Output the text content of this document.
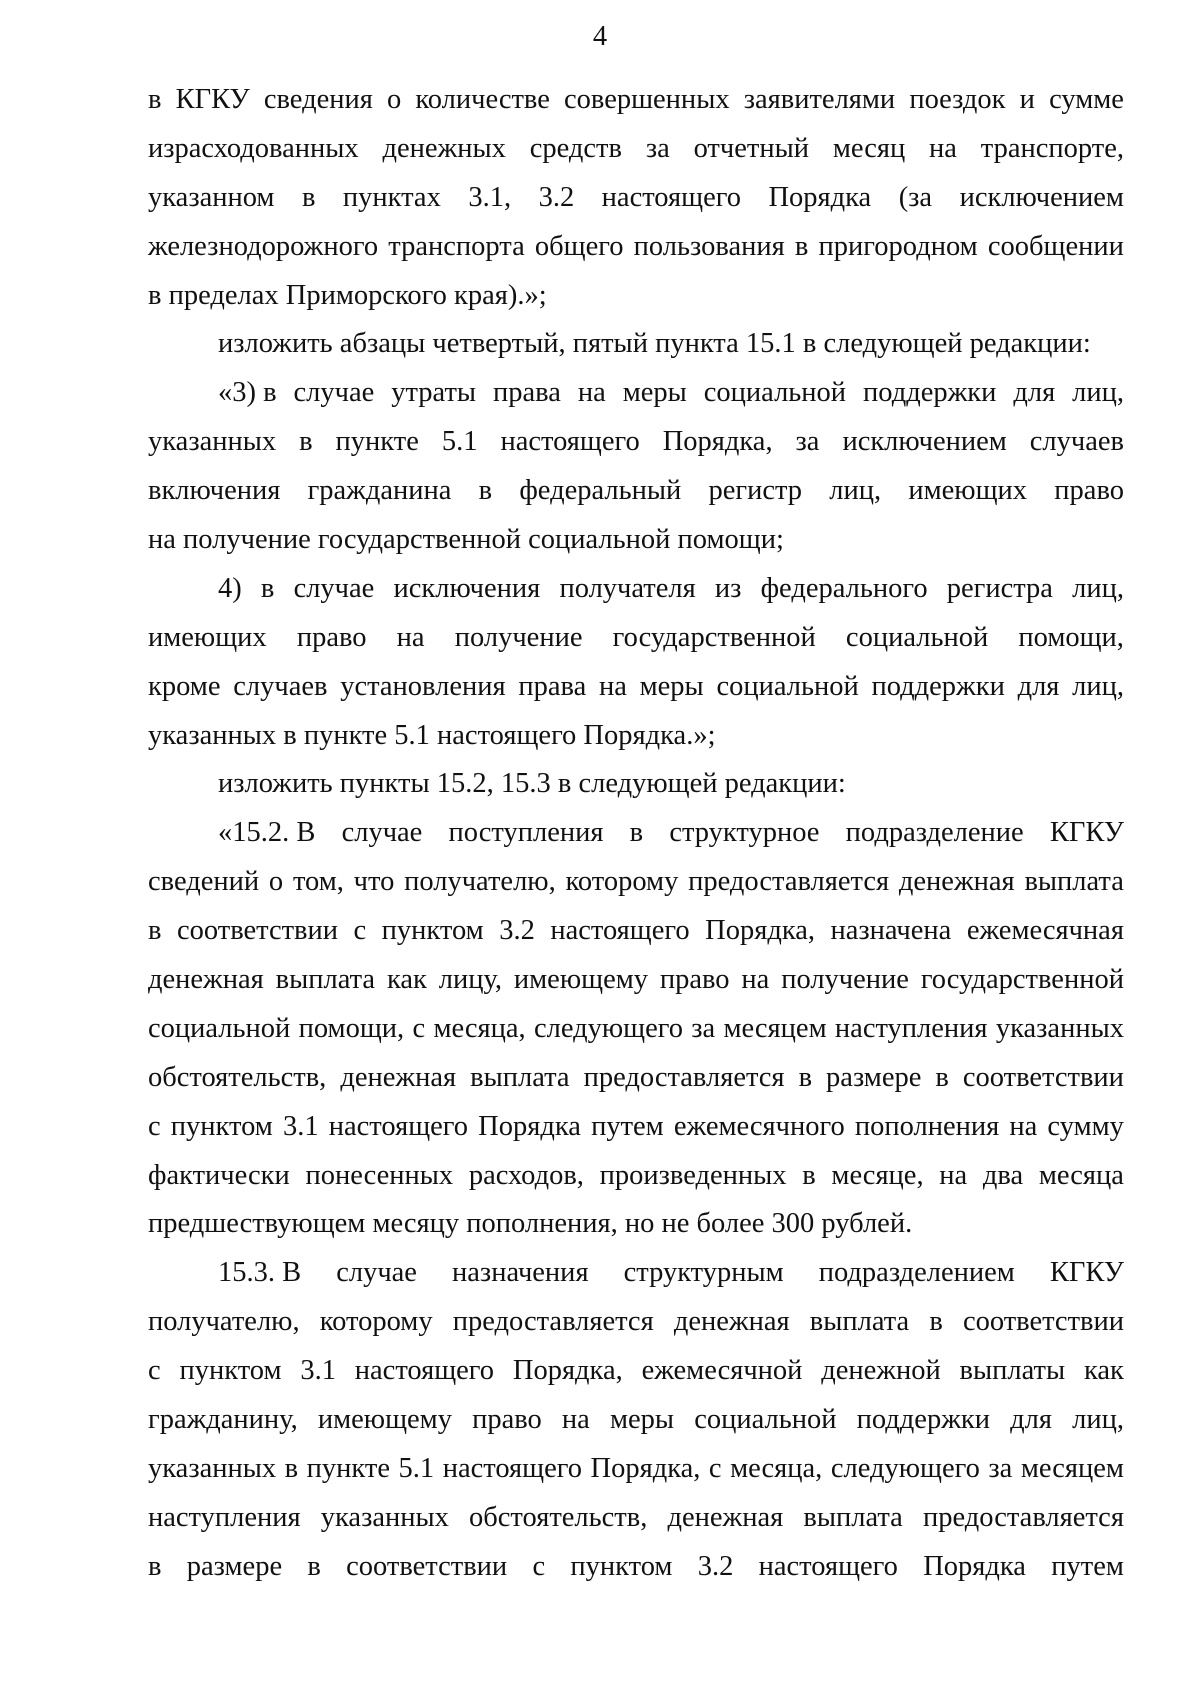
4
в КГКУ сведения о количестве совершенных заявителями поездок и сумме
израсходованных денежных средств за отчетный месяц на транспорте,
указанном в пунктах 3.1, 3.2 настоящего Порядка (за исключением
железнодорожного транспорта общего пользования в пригородном сообщении
в пределах Приморского края).»;
изложить абзацы четвертый, пятый пункта 15.1 в следующей редакции:
«3) в случае утраты права на меры социальной поддержки для лиц,
указанных в пункте 5.1 настоящего Порядка, за исключением случаев
включения гражданина в федеральный регистр лиц, имеющих право
на получение государственной социальной помощи;
4) в случае исключения получателя из федерального регистра лиц,
имеющих право на получение государственной социальной помощи,
кроме случаев установления права на меры социальной поддержки для лиц,
указанных в пункте 5.1 настоящего Порядка.»;
изложить пункты 15.2, 15.3 в следующей редакции:
«15.2. В случае поступления в структурное подразделение КГКУ
сведений о том, что получателю, которому предоставляется денежная выплата
в соответствии с пунктом 3.2 настоящего Порядка, назначена ежемесячная
денежная выплата как лицу, имеющему право на получение государственной
социальной помощи, с месяца, следующего за месяцем наступления указанных
обстоятельств, денежная выплата предоставляется в размере в соответствии
с пунктом 3.1 настоящего Порядка путем ежемесячного пополнения на сумму
фактически понесенных расходов, произведенных в месяце, на два месяца
предшествующем месяцу пополнения, но не более 300 рублей.
15.3. В случае назначения структурным подразделением КГКУ
получателю, которому предоставляется денежная выплата в соответствии
с пунктом 3.1 настоящего Порядка, ежемесячной денежной выплаты как
гражданину, имеющему право на меры социальной поддержки для лиц,
указанных в пункте 5.1 настоящего Порядка, с месяца, следующего за месяцем
наступления указанных обстоятельств, денежная выплата предоставляется
в размере в соответствии с пунктом 3.2 настоящего Порядка путем
